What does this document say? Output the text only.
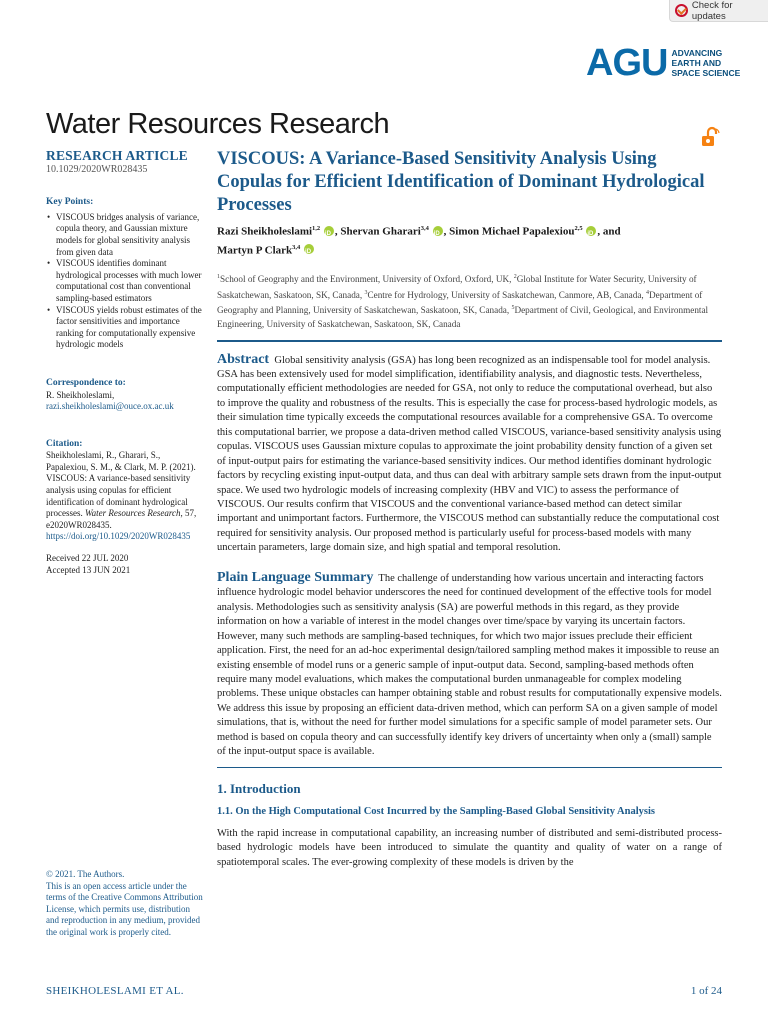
Check for updates
AGU ADVANCING
EARTH AND
SPACE SCIENCE
Water Resources Research
RESEARCH ARTICLE
10.1029/2020WR028435
Key Points:
• VISCOUS bridges analysis of variance, copula theory, and Gaussian mixture models for global sensitivity analysis from given data
• VISCOUS identifies dominant hydrological processes with much lower computational cost than conventional sampling-based estimators
• VISCOUS yields robust estimates of the factor sensitivities and importance ranking for computationally expensive hydrologic models
Correspondence to:
R. Sheikholeslami,
razi.sheikholeslami@ouce.ox.ac.uk
Citation:
Sheikholeslami, R., Gharari, S., Papalexiou, S. M., & Clark, M. P. (2021). VISCOUS: A variance-based sensitivity analysis using copulas for efficient identification of dominant hydrological processes. Water Resources Research, 57, e2020WR028435. https://doi.org/10.1029/2020WR028435
Received 22 JUL 2020
Accepted 13 JUN 2021
© 2021. The Authors.
This is an open access article under the terms of the Creative Commons Attribution License, which permits use, distribution and reproduction in any medium, provided the original work is properly cited.
VISCOUS: A Variance-Based Sensitivity Analysis Using Copulas for Efficient Identification of Dominant Hydrological Processes
Razi Sheikholeslami$^{1,2}$ iD , Shervan Gharari$^{3,4}$ iD , Simon Michael Papalexiou$^{2,5}$ iD , and
Martyn P Clark$^{3,4}$ iD
$^1$School of Geography and the Environment, University of Oxford, Oxford, UK, $^2$Global Institute for Water Security, University of Saskatchewan, Saskatoon, SK, Canada, $^3$Centre for Hydrology, University of Saskatchewan, Canmore, AB, Canada, $^4$Department of Geography and Planning, University of Saskatchewan, Saskatoon, SK, Canada, $^5$Department of Civil, Geological, and Environmental Engineering, University of Saskatchewan, Saskatoon, SK, Canada
Abstract Global sensitivity analysis (GSA) has long been recognized as an indispensable tool for model analysis. GSA has been extensively used for model simplification, identifiability analysis, and diagnostic tests. Nevertheless, computationally efficient methodologies are needed for GSA, not only to reduce the computational overhead, but also to improve the quality and robustness of the results. This is especially the case for process-based hydrologic models, as their simulation time typically exceeds the computational resources available for a comprehensive GSA. To overcome this computational barrier, we propose a data-driven method called VISCOUS, variance-based sensitivity analysis using copulas. VISCOUS uses Gaussian mixture copulas to approximate the joint probability density function of a given set of input-output pairs for estimating the variance-based sensitivity indices. Our method identifies dominant hydrologic factors by recycling existing input-output data, and thus can deal with arbitrary sample sets drawn from the input-output space. We used two hydrologic models of increasing complexity (HBV and VIC) to assess the performance of VISCOUS. Our results confirm that VISCOUS and the conventional variance-based method can detect similar important and unimportant factors. Furthermore, the VISCOUS method can substantially reduce the computational cost required for sensitivity analysis. Our proposed method is particularly useful for process-based models with many uncertain parameters, large domain size, and high spatial and temporal resolution.
Plain Language Summary The challenge of understanding how various uncertain and interacting factors influence hydrologic model behavior underscores the need for continued development of the effective tools for model analysis. Methodologies such as sensitivity analysis (SA) are powerful methods in this regard, as they provide information on how a variable of interest in the model changes over time/space by varying its uncertain factors. However, many such methods are sampling-based techniques, for which two major issues preclude their efficient application. First, the need for an ad-hoc experimental design/tailored sampling method makes it impossible to reuse an existing ensemble of model runs or a generic sample of input-output data. Second, sampling-based methods often require many model evaluations, which makes the computational burden unmanageable for complex modeling problems. These unique obstacles can hamper obtaining stable and robust results for computationally expensive models. We address this issue by proposing an efficient data-driven method, which can perform SA on a given sample of model simulations, that is, without the need for further model simulations for a specific sample of model parameter sets. Our method is based on copula theory and can successfully identify key drivers of uncertainty when only a (small) sample of the input-output space is available.
1. Introduction
1.1. On the High Computational Cost Incurred by the Sampling-Based Global Sensitivity Analysis
With the rapid increase in computational capability, an increasing number of distributed and semi-distributed process-based hydrologic models have been introduced to simulate the quantity and quality of water on a range of spatiotemporal scales. The ever-growing complexity of these models is driven by the
SHEIKHOLESLAMI ET AL.	1 of 24
